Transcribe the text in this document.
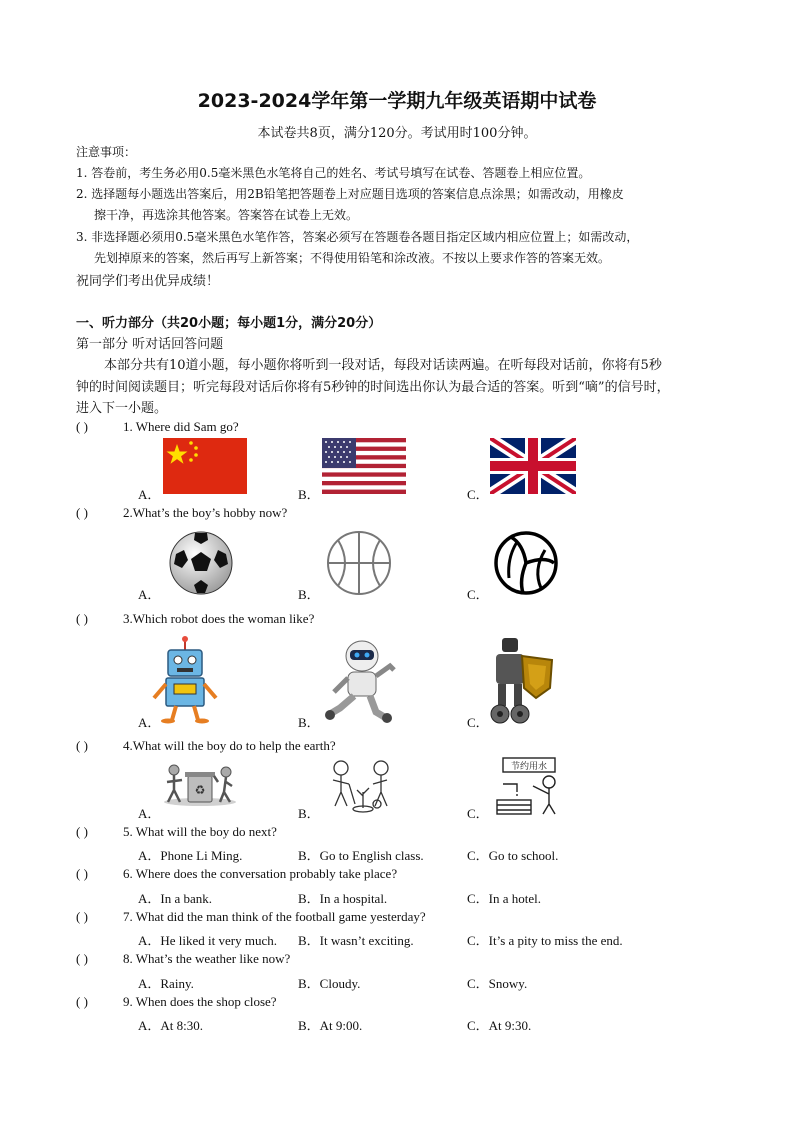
2023-2024学年第一学期九年级英语期中试卷
本试卷共8页，满分120分。考试用时100分钟。
注意事项：
1. 答卷前，考生务必用0.5毫米黑色水笔将自己的姓名、考试号填写在试卷、答题卷上相应位置。
2. 选择题每小题选出答案后，用2B铅笔把答题卷上对应题目选项的答案信息点涂黑；如需改动，用橡皮
擦干净，再选涂其他答案。答案答在试卷上无效。
3. 非选择题必须用0.5毫米黑色水笔作答，答案必须写在答题卷各题目指定区域内相应位置上；如需改动，
先划掉原来的答案，然后再写上新答案；不得使用铅笔和涂改液。不按以上要求作答的答案无效。
祝同学们考出优异成绩！
一、听力部分（共20小题；每小题1分，满分20分）
第一部分 听对话回答问题
本部分共有10道小题，每小题你将听到一段对话，每段对话读两遍。在听每段对话前，你将有5秒
钟的时间阅读题目；听完每段对话后你将有5秒钟的时间选出你认为最合适的答案。听到“嘀”的信号时，
进入下一小题。
( )	1. Where did Sam go?
A．	B．	C．
( )	2.What’s the boy’s hobby now?
A．	B．	C．
( )	3.Which robot does the woman like?
A．	B．	C．
( )	4.What will the boy do to help the earth?
♻
节约用水
A．	B．	C．
( )	5. What will the boy do next?
A．Phone Li Ming.	B．Go to English class.	C．Go to school.
( )	6. Where does the conversation probably take place?
A．In a bank.	B．In a hospital.	C．In a hotel.
( )	7. What did the man think of the football game yesterday?
A．He liked it very much. B．It wasn’t exciting.	C．It’s a pity to miss the end.
( )	8. What’s the weather like now?
A．Rainy.	B．Cloudy.	C．Snowy.
( )	9. When does the shop close?
A．At 8:30.	B．At 9:00.	C．At 9:30.
